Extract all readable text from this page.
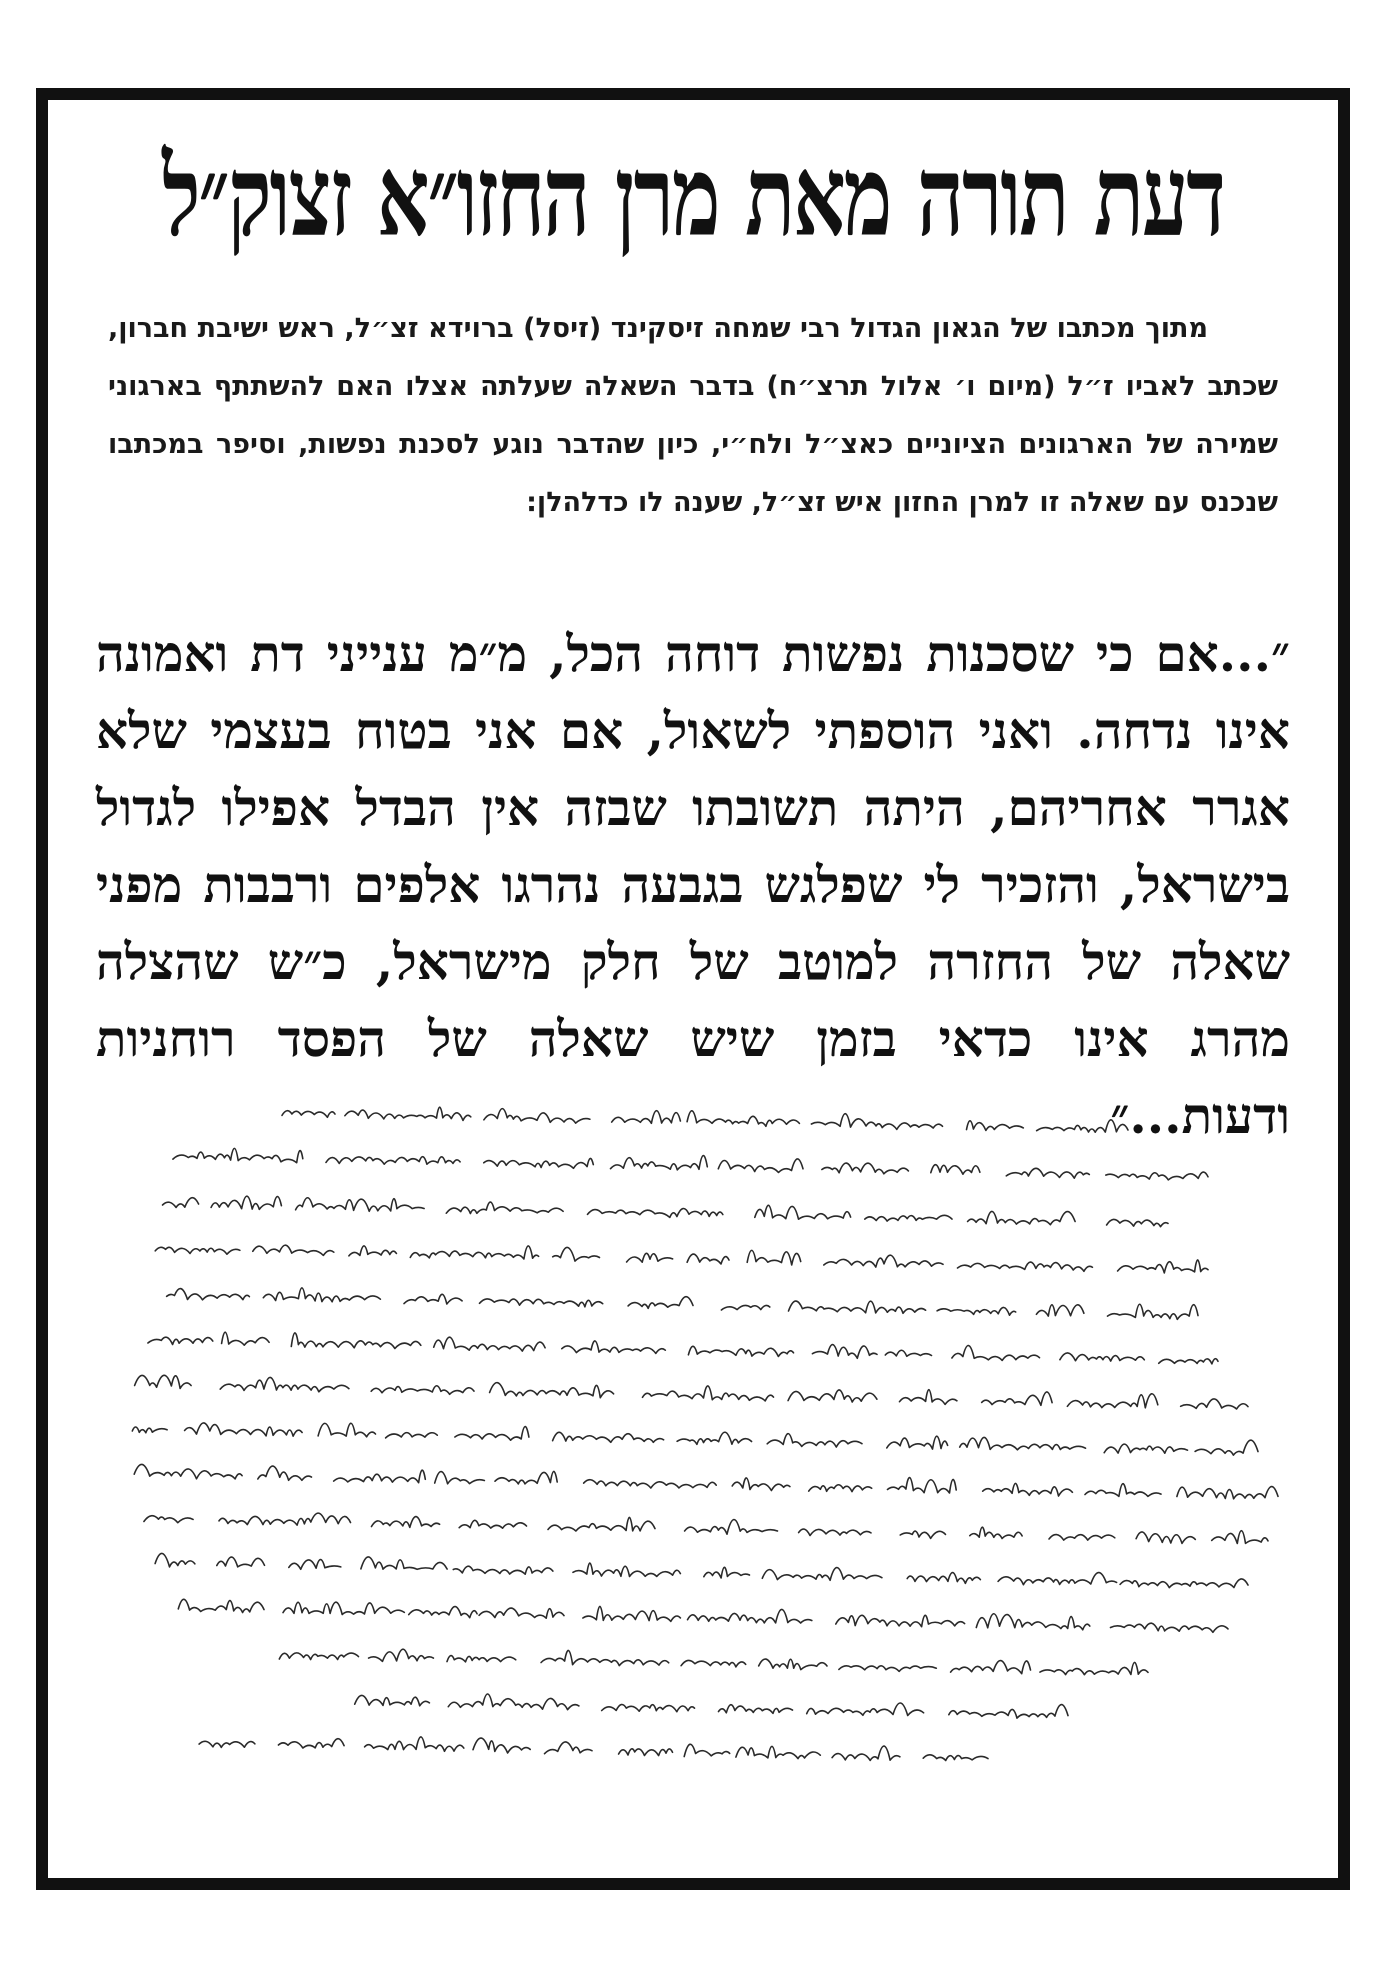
דעת תורה מאת מרן החזו״א זצוק״ל

מתוך מכתבו של הגאון הגדול רבי שמחה זיסקינד (זיסל) ברוידא זצ״ל, ראש ישיבת חברון, שכתב לאביו ז״ל (מיום ו׳ אלול תרצ״ח) בדבר השאלה שעלתה אצלו האם להשתתף בארגוני שמירה של הארגונים הציוניים כאצ״ל ולח״י, כיון שהדבר נוגע לסכנת נפשות, וסיפר במכתבו שנכנס עם שאלה זו למרן החזון איש זצ״ל, שענה לו כדלהלן:

״...אם כי שסכנות נפשות דוחה הכל, מ״מ ענייני דת ואמונה אינו נדחה. ואני הוספתי לשאול, אם אני בטוח בעצמי שלא אגרר אחריהם, היתה תשובתו שבזה אין הבדל אפילו לגדול בישראל, והזכיר לי שפלגש בגבעה נהרגו אלפים ורבבות מפני שאלה של החזרה למוטב של חלק מישראל, כ״ש שהצלה מהרג אינו כדאי בזמן שיש שאלה של הפסד רוחניות ודעות...״
